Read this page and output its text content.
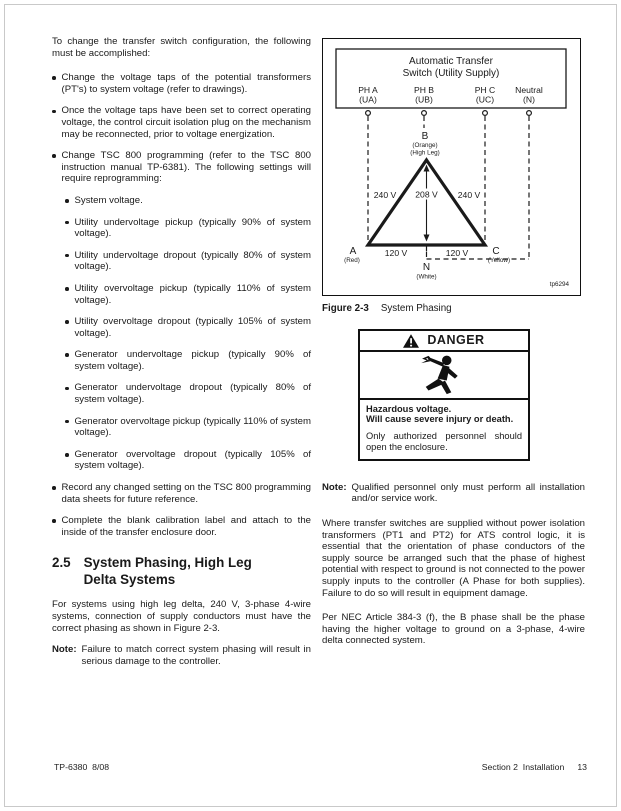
To change the transfer switch configuration, the following must be accomplished:

Change the voltage taps of the potential transformers (PT's) to system voltage (refer to drawings).
Once the voltage taps have been set to correct operating voltage, the control circuit isolation plug on the mechanism may be reconnected, prior to voltage energization.
Change TSC 800 programming (refer to the TSC 800 instruction manual TP-6381). The following settings will require reprogramming:
System voltage.
Utility undervoltage pickup (typically 90% of system voltage).
Utility undervoltage dropout (typically 80% of system voltage).
Utility overvoltage pickup (typically 110% of system voltage).
Utility overvoltage dropout (typically 105% of system voltage).
Generator undervoltage pickup (typically 90% of system voltage).
Generator undervoltage dropout (typically 80% of system voltage).
Generator overvoltage pickup (typically 110% of system voltage).
Generator overvoltage dropout (typically 105% of system voltage).
Record any changed setting on the TSC 800 programming data sheets for future reference.
Complete the blank calibration label and attach to the inside of the transfer enclosure door.
2.5 System Phasing, High Leg Delta Systems

For systems using high leg delta, 240 V, 3-phase 4-wire systems, connection of supply conductors must have the correct phasing as shown in Figure 2-3.

Note: Failure to match correct system phasing will result in serious damage to the controller.
Automatic Transfer
Switch (Utility Supply)
PH A
(UA)
PH B
(UB)
PH C
(UC)
Neutral
(N)
B
(Orange)
(High Leg)
240 V 208 V 240 V
120 V	120 V
A
(Red)
C
(Yellow)
N
(White)
tp6294
Figure 2-3 System Phasing
DANGER

Hazardous voltage.

Will cause severe injury or death.

Only authorized personnel should open the enclosure.

Note: Qualified personnel only must perform all installation and/or service work.

Where transfer switches are supplied without power isolation transformers (PT1 and PT2) for ATS control logic, it is essential that the orientation of phase conductors of the supply source be arranged such that the phase of highest potential with respect to ground is not connected to the power supply inputs to the controller (A Phase for both supplies). Failure to do so will result in equipment damage.

Per NEC Article 384-3 (f), the B phase shall be the phase having the higher voltage to ground on a 3-phase, 4-wire delta connected system.

TP-6380  8/08	Section 2  Installation 13
